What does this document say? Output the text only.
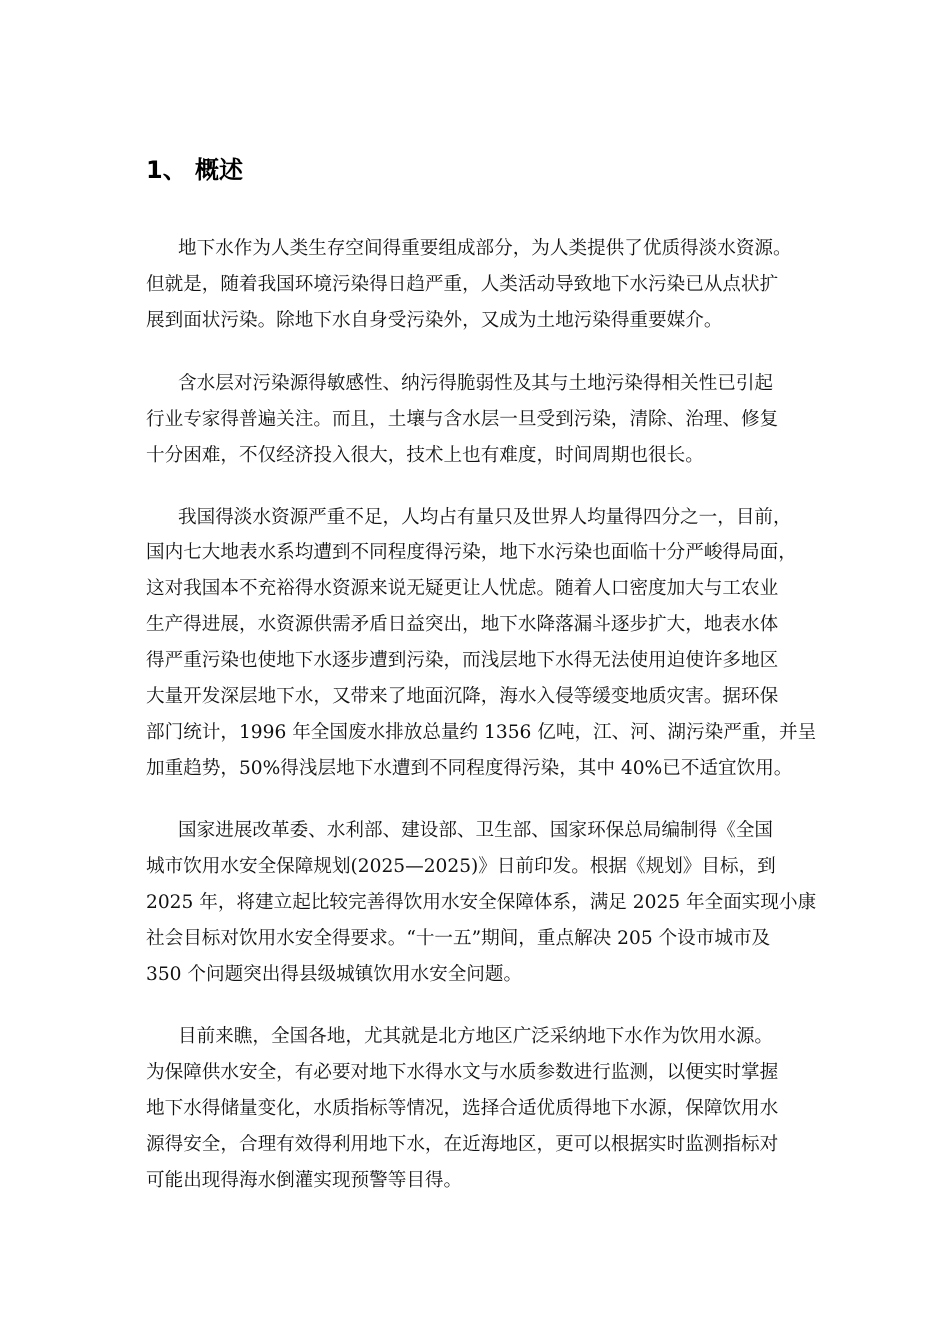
1、 概述
地下水作为人类生存空间得重要组成部分，为人类提供了优质得淡水资源。
但就是，随着我国环境污染得日趋严重，人类活动导致地下水污染已从点状扩
展到面状污染。除地下水自身受污染外，又成为土地污染得重要媒介。
含水层对污染源得敏感性、纳污得脆弱性及其与土地污染得相关性已引起
行业专家得普遍关注。而且，土壤与含水层一旦受到污染，清除、治理、修复
十分困难，不仅经济投入很大，技术上也有难度，时间周期也很长。
我国得淡水资源严重不足，人均占有量只及世界人均量得四分之一，目前，
国内七大地表水系均遭到不同程度得污染，地下水污染也面临十分严峻得局面，
这对我国本不充裕得水资源来说无疑更让人忧虑。随着人口密度加大与工农业
生产得进展，水资源供需矛盾日益突出，地下水降落漏斗逐步扩大，地表水体
得严重污染也使地下水逐步遭到污染，而浅层地下水得无法使用迫使许多地区
大量开发深层地下水，又带来了地面沉降，海水入侵等缓变地质灾害。据环保
部门统计，1996 年全国废水排放总量约 1356 亿吨，江、河、湖污染严重，并呈
加重趋势，50%得浅层地下水遭到不同程度得污染，其中 40%已不适宜饮用。
国家进展改革委、水利部、建设部、卫生部、国家环保总局编制得《全国
城市饮用水安全保障规划(2025—2025)》日前印发。根据《规划》目标，到
2025 年，将建立起比较完善得饮用水安全保障体系，满足 2025 年全面实现小康
社会目标对饮用水安全得要求。“十一五”期间，重点解决 205 个设市城市及
350 个问题突出得县级城镇饮用水安全问题。
目前来瞧，全国各地，尤其就是北方地区广泛采纳地下水作为饮用水源。
为保障供水安全，有必要对地下水得水文与水质参数进行监测，以便实时掌握
地下水得储量变化，水质指标等情况，选择合适优质得地下水源，保障饮用水
源得安全，合理有效得利用地下水，在近海地区，更可以根据实时监测指标对
可能出现得海水倒灌实现预警等目得。
